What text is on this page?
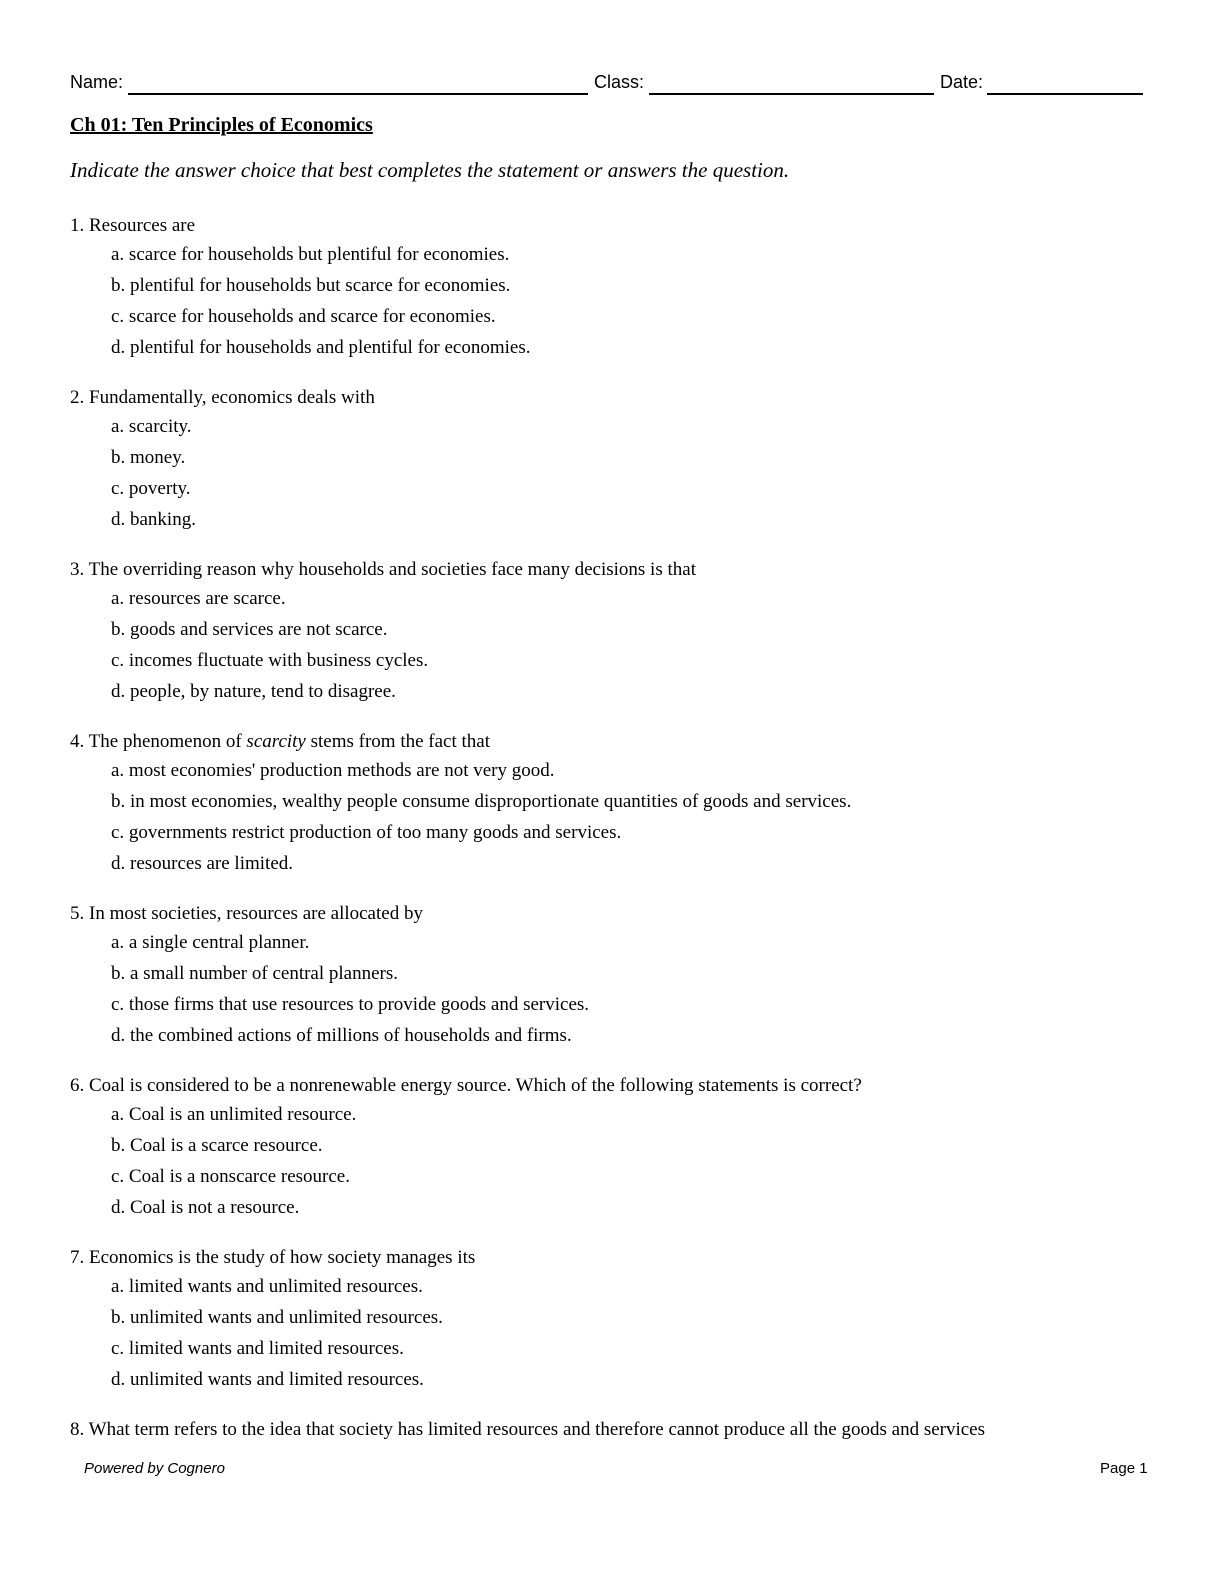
Name:	Class:	Date:
Ch 01: Ten Principles of Economics
Indicate the answer choice that best completes the statement or answers the question.
1. Resources are
a. scarce for households but plentiful for economies.
b. plentiful for households but scarce for economies.
c. scarce for households and scarce for economies.
d. plentiful for households and plentiful for economies.
2. Fundamentally, economics deals with
a. scarcity.
b. money.
c. poverty.
d. banking.
3. The overriding reason why households and societies face many decisions is that
a. resources are scarce.
b. goods and services are not scarce.
c. incomes fluctuate with business cycles.
d. people, by nature, tend to disagree.
4. The phenomenon of scarcity stems from the fact that
a. most economies' production methods are not very good.
b. in most economies, wealthy people consume disproportionate quantities of goods and services.
c. governments restrict production of too many goods and services.
d. resources are limited.
5. In most societies, resources are allocated by
a. a single central planner.
b. a small number of central planners.
c. those firms that use resources to provide goods and services.
d. the combined actions of millions of households and firms.
6. Coal is considered to be a nonrenewable energy source. Which of the following statements is correct?
a. Coal is an unlimited resource.
b. Coal is a scarce resource.
c. Coal is a nonscarce resource.
d. Coal is not a resource.
7. Economics is the study of how society manages its
a. limited wants and unlimited resources.
b. unlimited wants and unlimited resources.
c. limited wants and limited resources.
d. unlimited wants and limited resources.
8. What term refers to the idea that society has limited resources and therefore cannot produce all the goods and services
Powered by Cognero	Page 1
